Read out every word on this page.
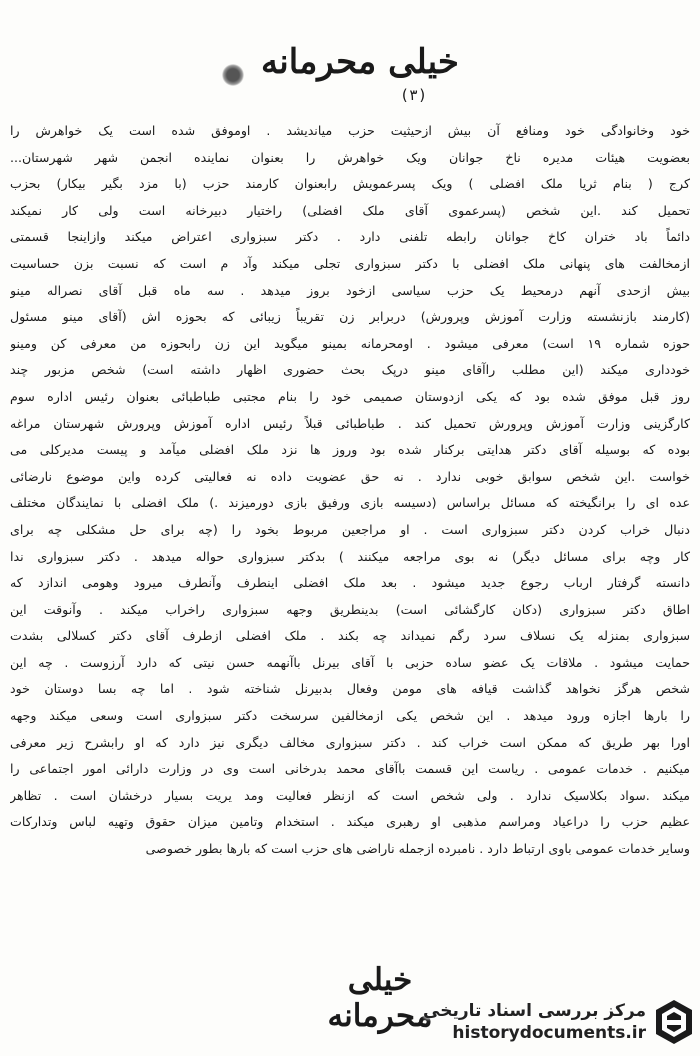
خیلی محرمانه
(۳)
خود وخانوادگی خود ومنافع آن بیش ازحیثیت حزب میاندیشد . اوموفق شده است یک خواهرش را
بعضویت هیئات مدیره ناخ جوانان ویک خواهرش را بعنوان نماینده انجمن شهر شهرستان...
کرج ( بنام ثریا ملک افضلی ) ویک پسرعمویش رابعنوان کارمند حزب (با مزد بگیر بیکار) بحزب
تحمیل کند .این شخص (پسرعموی آقای ملک افضلی) راختیار دبیرخانه است ولی کار نمیکند
دائماً باد ختران کاخ جوانان رابطه تلفنی دارد . دکتر سبزواری اعتراض میکند وازاینجا قسمتی
ازمخالفت های پنهانی ملک افضلی با دکتر سبزواری تجلی میکند وآد م است که نسبت بزن حساسیت
بیش ازحدی آنهم درمحیط یک حزب سیاسی ازخود بروز میدهد . سه ماه قبل آقای نصراله مینو
(کارمند بازنشسته وزارت آموزش وپرورش) دربرابر زن تقریباً زیبائی که بحوزه اش (آقای مینو مسئول
حوزه شماره ۱۹ است) معرفی میشود . اومحرمانه بمینو میگوید این زن رابحوزه من معرفی کن ومینو
خودداری میکند (این مطلب راآقای مینو درپک بحث حضوری اظهار داشته است) شخص مزبور چند
روز قبل موفق شده بود که یکی ازدوستان صمیمی خود را بنام مجتبی طباطبائی بعنوان رئیس اداره سوم
کارگزینی وزارت آموزش وپرورش تحمیل کند . طباطبائی قبلاً رئیس اداره آموزش وپرورش شهرستان مراغه
بوده که بوسیله آقای دکتر هدایتی برکنار شده بود وروز ها نزد ملک افضلی میآمد و پیست مدیرکلی می
خواست .این شخص سوابق خوبی ندارد . نه حق عضویت داده نه فعالیتی کرده واین موضوع نارضائی
عده ای را برانگیخته که مسائل براساس (دسیسه بازی ورفیق بازی دورمیزند .) ملک افضلی با نمایندگان مختلف
دنبال خراب کردن دکتر سبزواری است . او مراجعین مربوط بخود را (چه برای حل مشکلی چه برای
کار وچه برای مسائل دیگر) نه بوی مراجعه میکنند ) بدکتر سبزواری حواله میدهد . دکتر سبزواری ندا
دانسته گرفتار ارباب رجوع جدید میشود . بعد ملک افضلی اینطرف وآنطرف میرود وهومی اندازد که
اطاق دکتر سبزواری (دکان کارگشائی است) بدینطریق وجهه سبزواری راخراب میکند . وآنوقت این
سبزواری بمنزله یک نسلاف سرد رگم نمیداند چه بکند . ملک افضلی ازطرف آقای دکتر کسلالی بشدت
حمایت میشود . ملاقات یک عضو ساده حزبی با آقای بیرنل باآنهمه حسن نیتی که دارد آرزوست . چه این
شخص هرگز نخواهد گذاشت قیافه های مومن وفعال بدبیرنل شناخته شود . اما چه بسا دوستان خود
را بارها اجازه ورود میدهد . این شخص یکی ازمخالفین سرسخت دکتر سبزواری است وسعی میکند وجهه
اورا بهر طریق که ممکن است خراب کند . دکتر سبزواری مخالف دیگری نیز دارد که او رابشرح زیر معرفی
میکنیم . خدمات عمومی . ریاست این قسمت باآقای محمد بدرخانی است وی در وزارت دارائی امور اجتماعی را
میکند .سواد بکلاسیک ندارد . ولی شخص است که ازنظر فعالیت ومد یریت بسیار درخشان است . تظاهر
عظیم حزب را دراعیاد ومراسم مذهبی او رهبری میکند . استخدام وتامین میزان حقوق وتهیه لباس وتدارکات
وسایر خدمات عمومی باوی ارتباط دارد . نامبرده ازجمله ناراضی های حزب است که بارها بطور خصوصی
خیلی محرمانه
مرکز بررسی اسناد تاریخی
historydocuments.ir
